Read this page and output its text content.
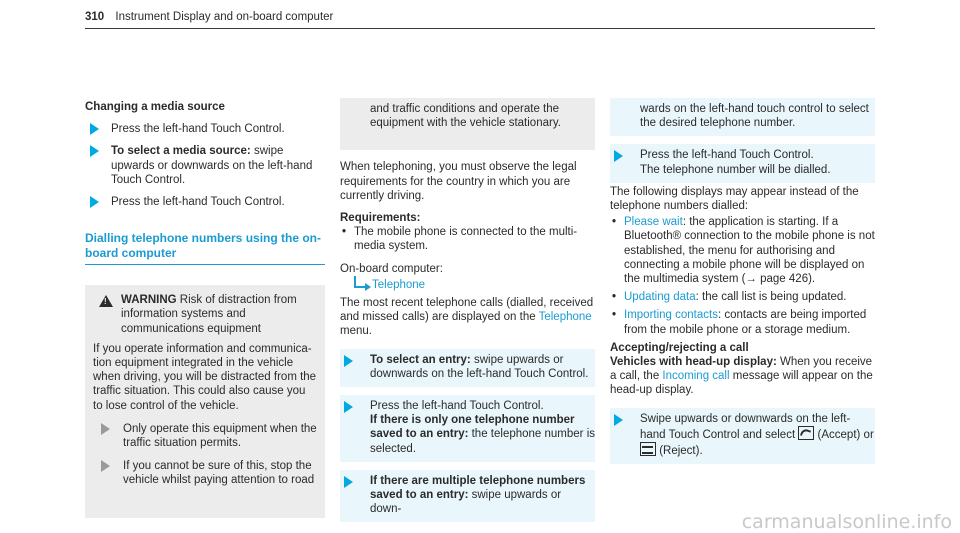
310 Instrument Display and on-board computer
Changing a media source
Press the left-hand Touch Control.
To select a media source: swipe upwards or downwards on the left-hand Touch Control.
Press the left-hand Touch Control.
Dialling telephone numbers using the on-board computer
!
WARNING Risk of distraction from information systems and communications equipment
If you operate information and communication equipment integrated in the vehicle when driving, you will be distracted from the traffic situation. This could also cause you to lose control of the vehicle.
Only operate this equipment when the traffic situation permits.
If you cannot be sure of this, stop the vehicle whilst paying attention to road
and traffic conditions and operate the equipment with the vehicle stationary.
When telephoning, you must observe the legal requirements for the country in which you are currently driving.
Requirements:
• The mobile phone is connected to the multimedia system.
On-board computer:
Telephone
The most recent telephone calls (dialled, received and missed calls) are displayed on the Telephone menu.
To select an entry: swipe upwards or downwards on the left-hand Touch Control.
Press the left-hand Touch Control.
If there is only one telephone number saved to an entry: the telephone number is selected.
If there are multiple telephone numbers saved to an entry: swipe upwards or down-
wards on the left-hand touch control to select the desired telephone number.
Press the left-hand Touch Control.
The telephone number will be dialled.
The following displays may appear instead of the telephone numbers dialled:
• Please wait: the application is starting. If a Bluetooth® connection to the mobile phone is not established, the menu for authorising and connecting a mobile phone will be displayed on the multimedia system (→ page 426).
• Updating data: the call list is being updated.
• Importing contacts: contacts are being imported from the mobile phone or a storage medium.
Accepting/rejecting a call
Vehicles with head-up display: When you receive a call, the Incoming call message will appear on the head-up display.
Swipe upwards or downwards on the left-hand Touch Control and select  (Accept) or  (Reject).
carmanualsonline.info
